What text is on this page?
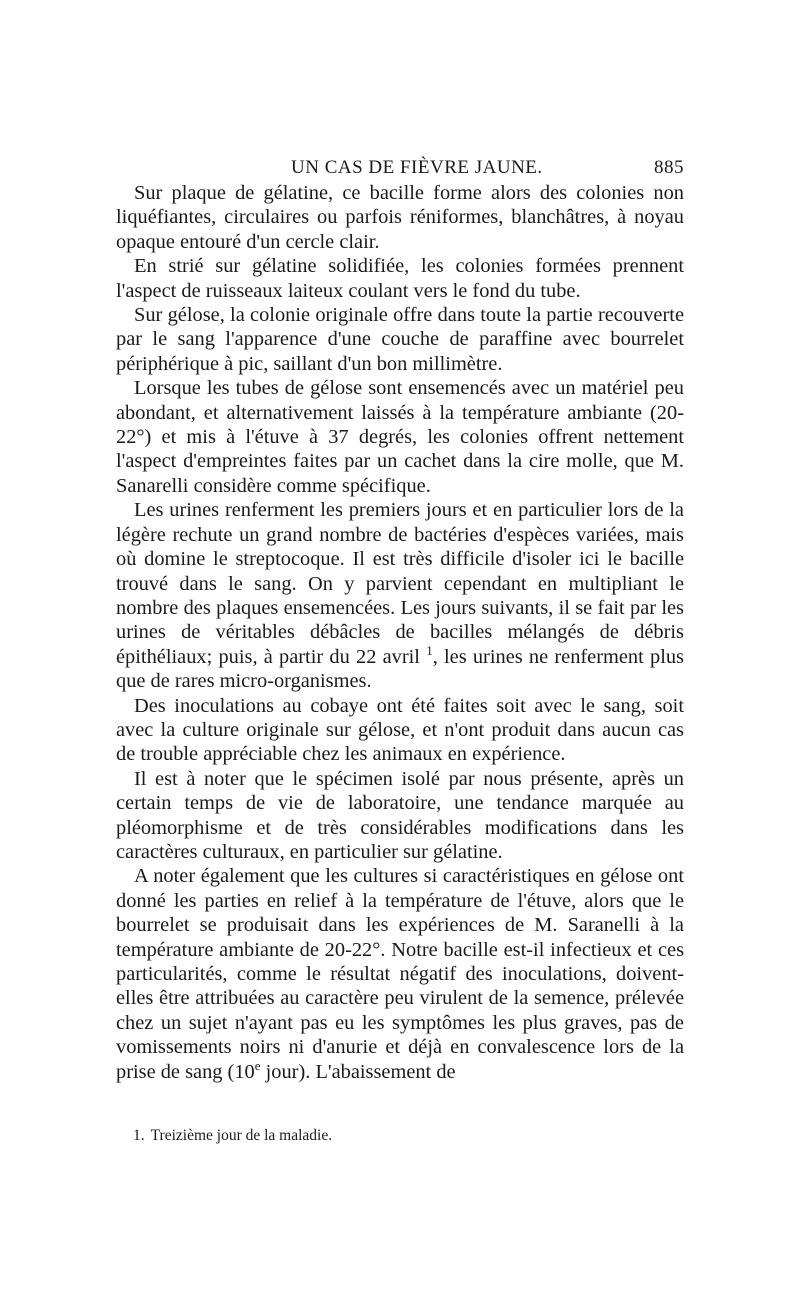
UN CAS DE FIÈVRE JAUNE.	885

Sur plaque de gélatine, ce bacille forme alors des colonies non liquéfiantes, circulaires ou parfois réniformes, blanchâtres, à noyau opaque entouré d'un cercle clair.

En strié sur gélatine solidifiée, les colonies formées prennent l'aspect de ruisseaux laiteux coulant vers le fond du tube.

Sur gélose, la colonie originale offre dans toute la partie recouverte par le sang l'apparence d'une couche de paraffine avec bourrelet périphérique à pic, saillant d'un bon millimètre.

Lorsque les tubes de gélose sont ensemencés avec un matériel peu abondant, et alternativement laissés à la température ambiante (20-22°) et mis à l'étuve à 37 degrés, les colonies offrent nettement l'aspect d'empreintes faites par un cachet dans la cire molle, que M. Sanarelli considère comme spécifique.

Les urines renferment les premiers jours et en particulier lors de la légère rechute un grand nombre de bactéries d'espèces variées, mais où domine le streptocoque. Il est très difficile d'isoler ici le bacille trouvé dans le sang. On y parvient cependant en multipliant le nombre des plaques ensemencées. Les jours suivants, il se fait par les urines de véritables débâcles de bacilles mélangés de débris épithéliaux; puis, à partir du 22 avril $^1$, les urines ne renferment plus que de rares micro-organismes.

Des inoculations au cobaye ont été faites soit avec le sang, soit avec la culture originale sur gélose, et n'ont produit dans aucun cas de trouble appréciable chez les animaux en expérience.

Il est à noter que le spécimen isolé par nous présente, après un certain temps de vie de laboratoire, une tendance marquée au pléomorphisme et de très considérables modifications dans les caractères culturaux, en particulier sur gélatine.

A noter également que les cultures si caractéristiques en gélose ont donné les parties en relief à la température de l'étuve, alors que le bourrelet se produisait dans les expériences de M. Saranelli à la température ambiante de 20-22°. Notre bacille est-il infectieux et ces particularités, comme le résultat négatif des inoculations, doivent-elles être attribuées au caractère peu virulent de la semence, prélevée chez un sujet n'ayant pas eu les symptômes les plus graves, pas de vomissements noirs ni d'anurie et déjà en convalescence lors de la prise de sang (10e jour). L'abaissement de

1. Treizième jour de la maladie.
